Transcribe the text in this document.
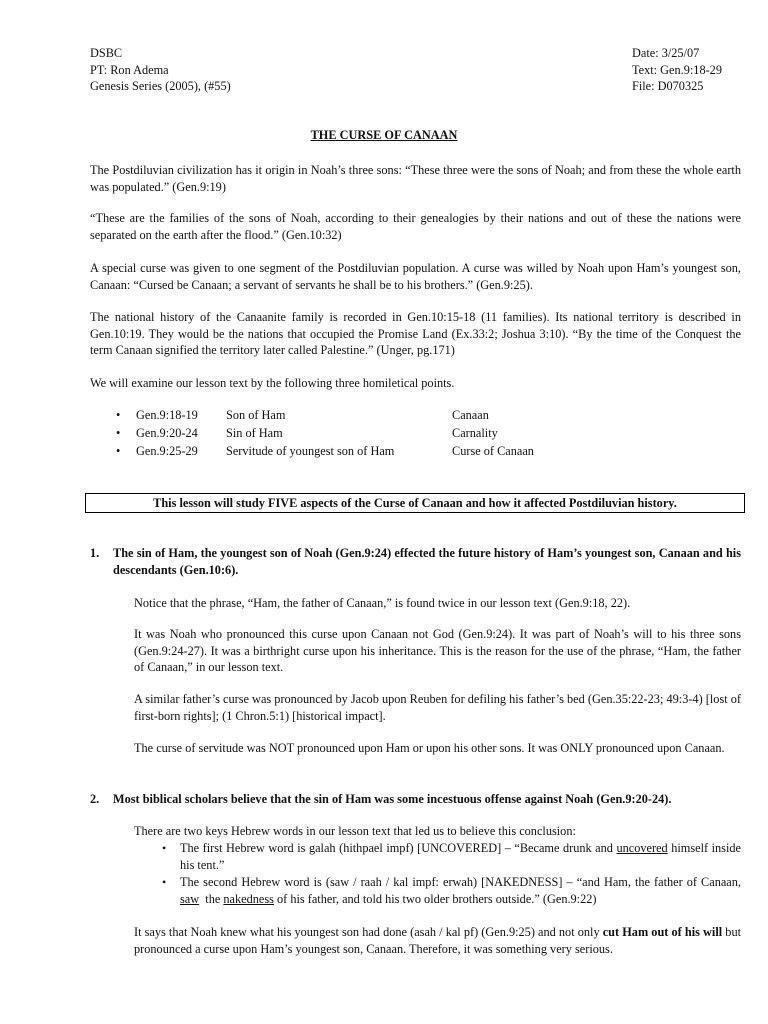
DSBC
PT: Ron Adema
Genesis Series (2005), (#55)
Date: 3/25/07
Text: Gen.9:18-29
File: D070325
THE CURSE OF CANAAN

The Postdiluvian civilization has it origin in Noah’s three sons: “These three were the sons of Noah; and from these the whole earth was populated.” (Gen.9:19)

“These are the families of the sons of Noah, according to their genealogies by their nations and out of these the nations were separated on the earth after the flood.” (Gen.10:32)

A special curse was given to one segment of the Postdiluvian population. A curse was willed by Noah upon Ham’s youngest son, Canaan: “Cursed be Canaan; a servant of servants he shall be to his brothers.” (Gen.9:25).

The national history of the Canaanite family is recorded in Gen.10:15-18 (11 families). Its national territory is described in Gen.10:19. They would be the nations that occupied the Promise Land (Ex.33:2; Joshua 3:10). “By the time of the Conquest the term Canaan signified the territory later called Palestine.” (Unger, pg.171)

We will examine our lesson text by the following three homiletical points.

• Gen.9:18-19 Son of Ham	Canaan
• Gen.9:20-24 Sin of Ham	Carnality
• Gen.9:25-29 Servitude of youngest son of Ham	Curse of Canaan
This lesson will study FIVE aspects of the Curse of Canaan and how it affected Postdiluvian history.
1. The sin of Ham, the youngest son of Noah (Gen.9:24) effected the future history of Ham’s youngest son, Canaan and his descendants (Gen.10:6).

Notice that the phrase, “Ham, the father of Canaan,” is found twice in our lesson text (Gen.9:18, 22).

It was Noah who pronounced this curse upon Canaan not God (Gen.9:24). It was part of Noah’s will to his three sons (Gen.9:24-27). It was a birthright curse upon his inheritance. This is the reason for the use of the phrase, “Ham, the father of Canaan,” in our lesson text.

A similar father’s curse was pronounced by Jacob upon Reuben for defiling his father’s bed (Gen.35:22-23; 49:3-4) [lost of first-born rights]; (1 Chron.5:1) [historical impact].

The curse of servitude was NOT pronounced upon Ham or upon his other sons. It was ONLY pronounced upon Canaan.

2. Most biblical scholars believe that the sin of Ham was some incestuous offense against Noah (Gen.9:20-24).

There are two keys Hebrew words in our lesson text that led us to believe this conclusion:

• The first Hebrew word is galah (hithpael impf) [UNCOVERED] – “Became drunk and uncovered himself inside his tent.”

• The second Hebrew word is (saw / raah / kal impf: erwah) [NAKEDNESS] – “and Ham, the father of Canaan, saw  the nakedness of his father, and told his two older brothers outside.” (Gen.9:22)

It says that Noah knew what his youngest son had done (asah / kal pf) (Gen.9:25) and not only cut Ham out of his will but pronounced a curse upon Ham’s youngest son, Canaan. Therefore, it was something very serious.
